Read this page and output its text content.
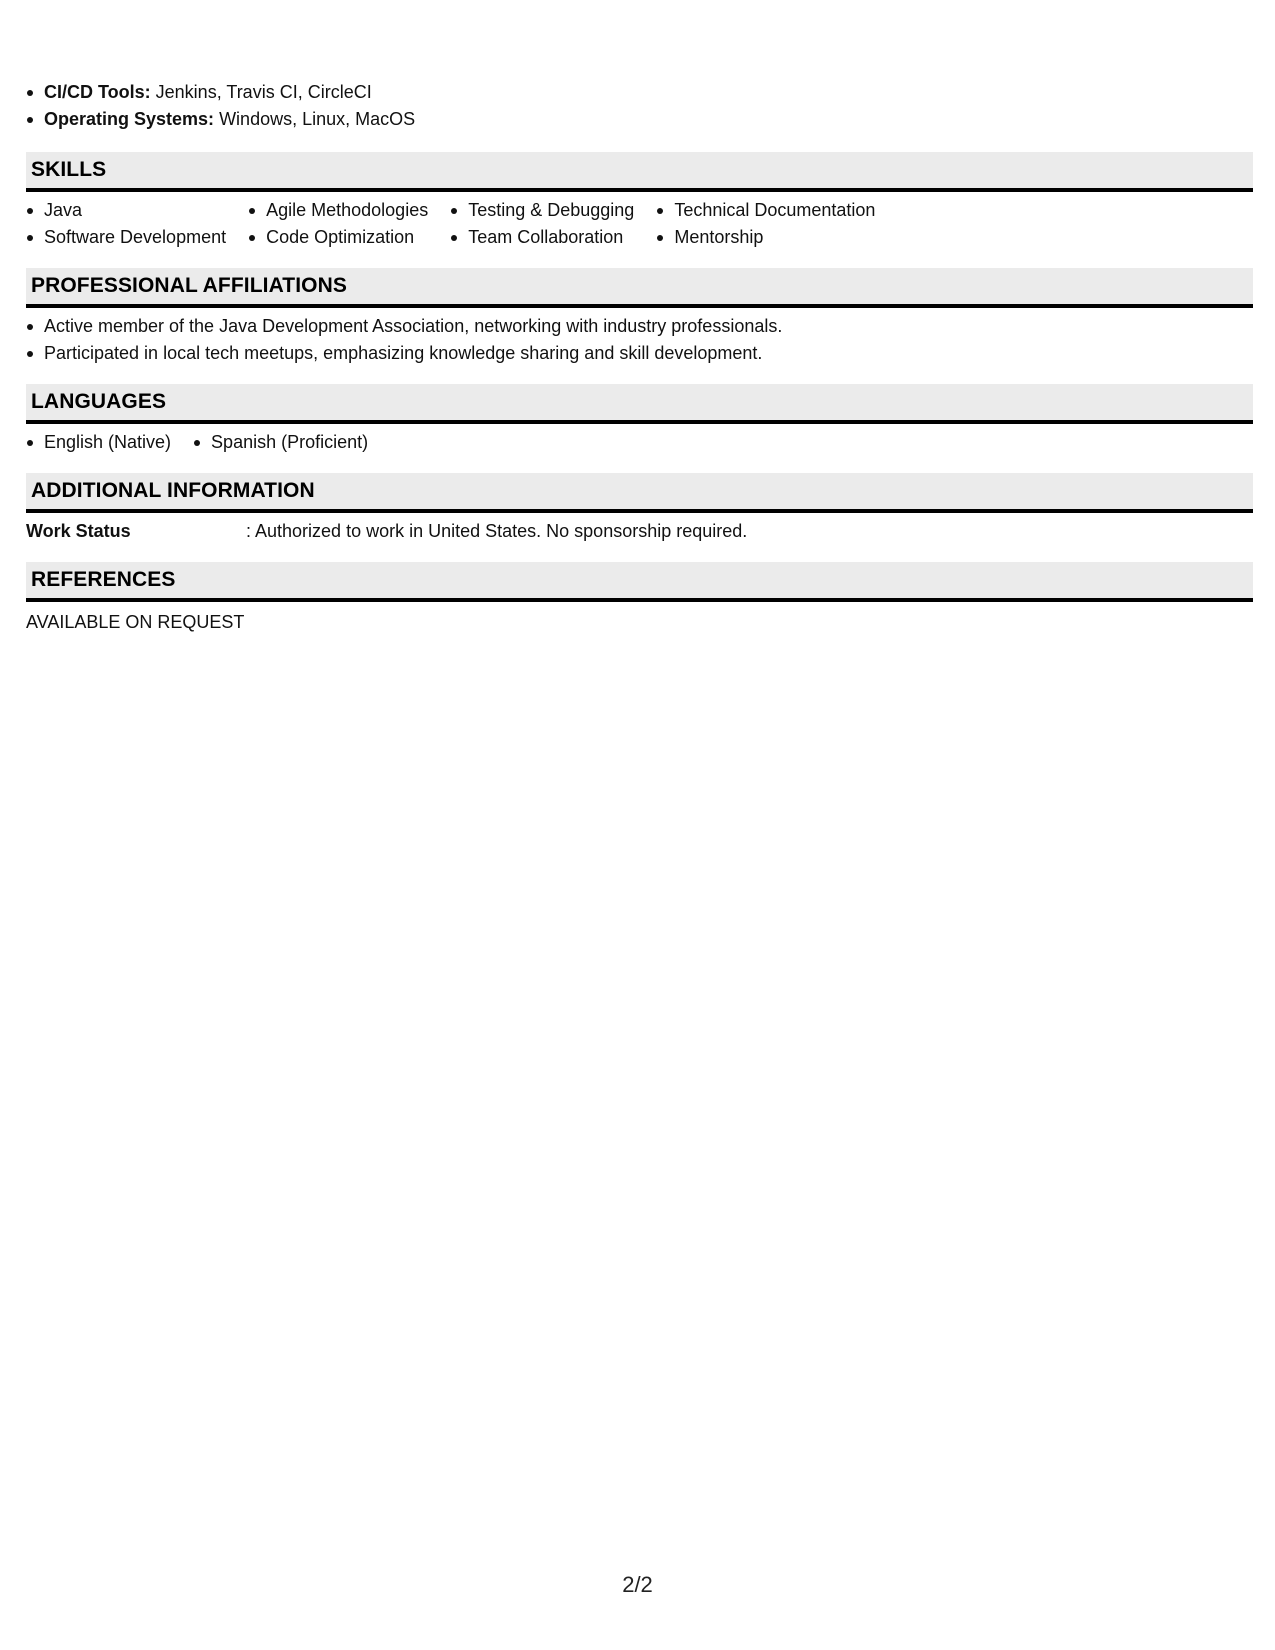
CI/CD Tools: Jenkins, Travis CI, CircleCI
Operating Systems: Windows, Linux, MacOS
SKILLS
Java
Software Development
Agile Methodologies
Code Optimization
Testing & Debugging
Team Collaboration
Technical Documentation
Mentorship
PROFESSIONAL AFFILIATIONS
Active member of the Java Development Association, networking with industry professionals.
Participated in local tech meetups, emphasizing knowledge sharing and skill development.
LANGUAGES
English (Native)	Spanish (Proficient)
ADDITIONAL INFORMATION
Work Status	: Authorized to work in United States. No sponsorship required.
REFERENCES
AVAILABLE ON REQUEST
2/2
